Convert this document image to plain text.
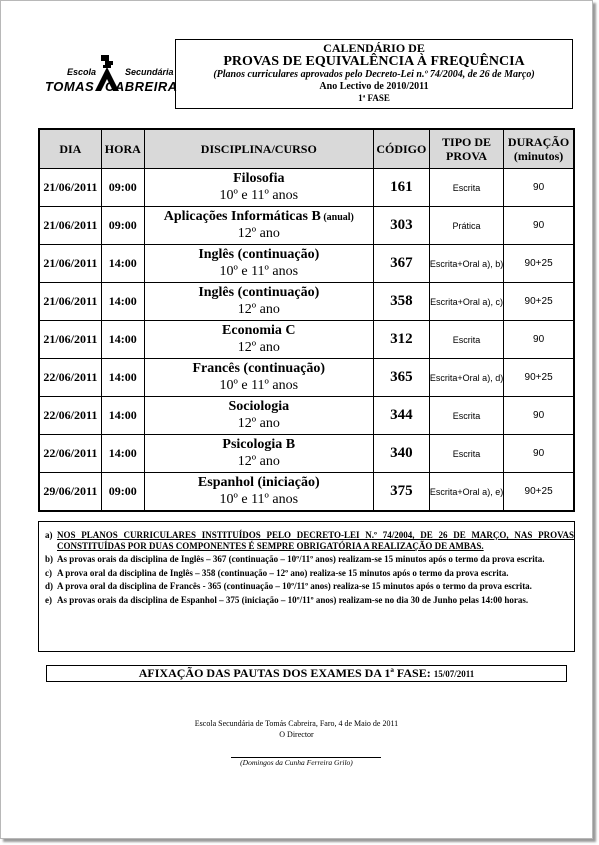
Escola	Secundária
TOMAS CABREIRA
CALENDÁRIO DE
PROVAS DE EQUIVALÊNCIA À FREQUÊNCIA
(Planos curriculares aprovados pelo Decreto-Lei n.º 74/2004, de 26 de Março)
Ano Lectivo de 2010/2011
1ª FASE
DIA	HORA	DISCIPLINA/CURSO	CÓDIGO	TIPO DE
PROVA	DURAÇÃO
(minutos)
21/06/2011	09:00	Filosofia
10º e 11º anos	161	Escrita	90
21/06/2011	09:00	Aplicações Informáticas B (anual)
12º ano	303	Prática	90
21/06/2011	14:00	Inglês (continuação)
10º e 11º anos	367	Escrita+Oral a), b)	90+25
21/06/2011	14:00	Inglês (continuação)
12º ano	358	Escrita+Oral a), c)	90+25
21/06/2011	14:00	Economia C
12º ano	312	Escrita	90
22/06/2011	14:00	Francês (continuação)
10º e 11º anos	365	Escrita+Oral a), d)	90+25
22/06/2011	14:00	Sociologia
12º ano	344	Escrita	90
22/06/2011	14:00	Psicologia B
12º ano	340	Escrita	90
29/06/2011	09:00	Espanhol (iniciação)
10º e 11º anos	375	Escrita+Oral a), e)	90+25
a) NOS PLANOS CURRICULARES INSTITUÍDOS PELO DECRETO-LEI N.º 74/2004, DE 26 DE MARÇO, NAS PROVAS CONSTITUÍDAS POR DUAS COMPONENTES É SEMPRE OBRIGATÓRIA A REALIZAÇÃO DE AMBAS.
b) As provas orais da disciplina de Inglês – 367 (continuação – 10º/11º anos) realizam-se 15 minutos após o termo da prova escrita.
c) A prova oral da disciplina de Inglês – 358 (continuação – 12º ano) realiza-se 15 minutos após o termo da prova escrita.
d) A prova oral da disciplina de Francês - 365 (continuação – 10º/11º anos) realiza-se 15 minutos após o termo da prova escrita.
e) As provas orais da disciplina de Espanhol – 375 (iniciação – 10º/11º anos) realizam-se no dia 30 de Junho pelas 14:00 horas.
AFIXAÇÃO DAS PAUTAS DOS EXAMES DA 1ª FASE: 15/07/2011
Escola Secundária de Tomás Cabreira, Faro, 4 de Maio de 2011
O Director
(Domingos da Cunha Ferreira Grilo)
